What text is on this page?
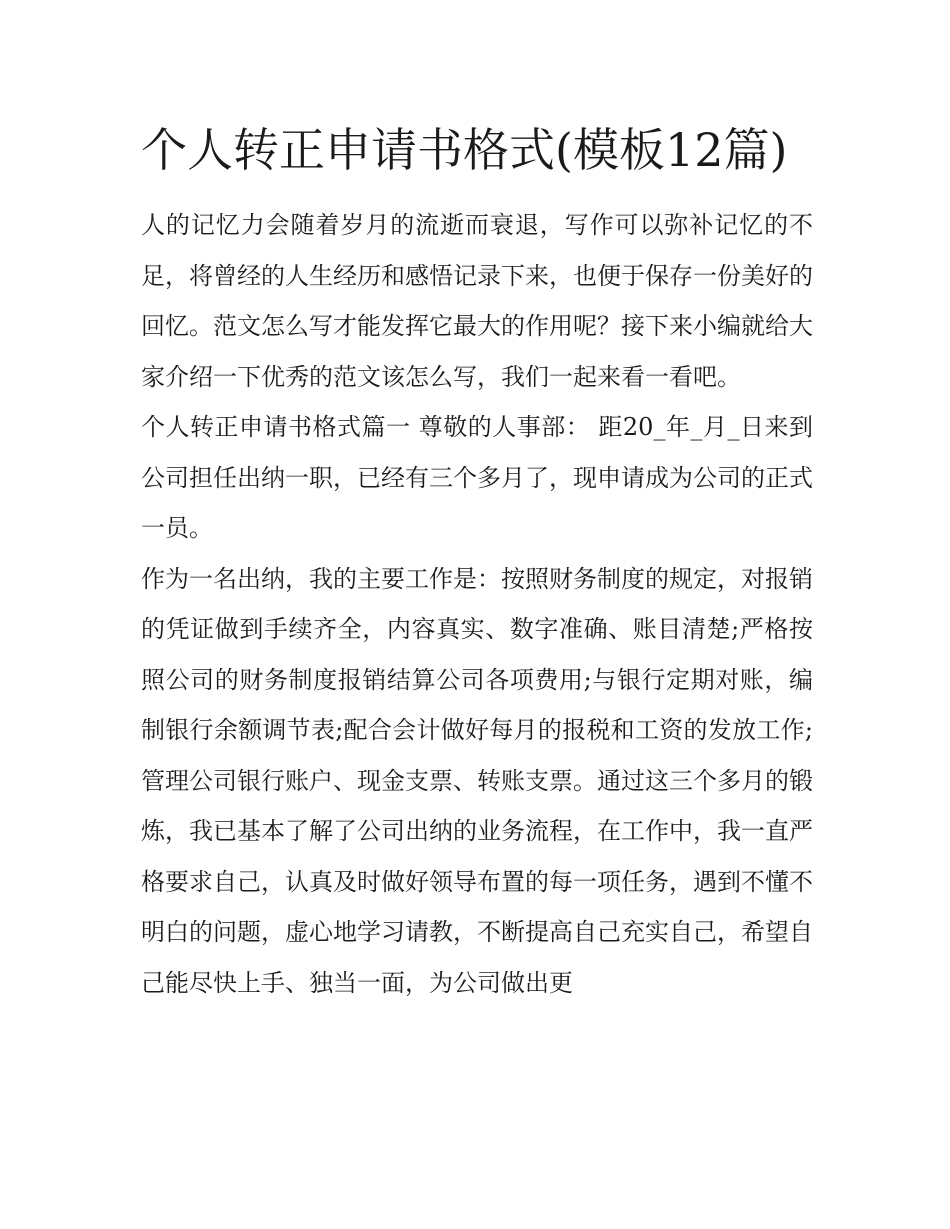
个人转正申请书格式(模板12篇)

人的记忆力会随着岁月的流逝而衰退，写作可以弥补记忆的不足，将曾经的人生经历和感悟记录下来，也便于保存一份美好的回忆。范文怎么写才能发挥它最大的作用呢？接下来小编就给大家介绍一下优秀的范文该怎么写，我们一起来看一看吧。

个人转正申请书格式篇一 尊敬的人事部： 距20_年_月_日来到公司担任出纳一职，已经有三个多月了，现申请成为公司的正式一员。

作为一名出纳，我的主要工作是：按照财务制度的规定，对报销的凭证做到手续齐全，内容真实、数字准确、账目清楚;严格按照公司的财务制度报销结算公司各项费用;与银行定期对账，编制银行余额调节表;配合会计做好每月的报税和工资的发放工作;管理公司银行账户、现金支票、转账支票。通过这三个多月的锻炼，我已基本了解了公司出纳的业务流程，在工作中，我一直严格要求自己，认真及时做好领导布置的每一项任务，遇到不懂不明白的问题，虚心地学习请教，不断提高自己充实自己，希望自己能尽快上手、独当一面，为公司做出更
